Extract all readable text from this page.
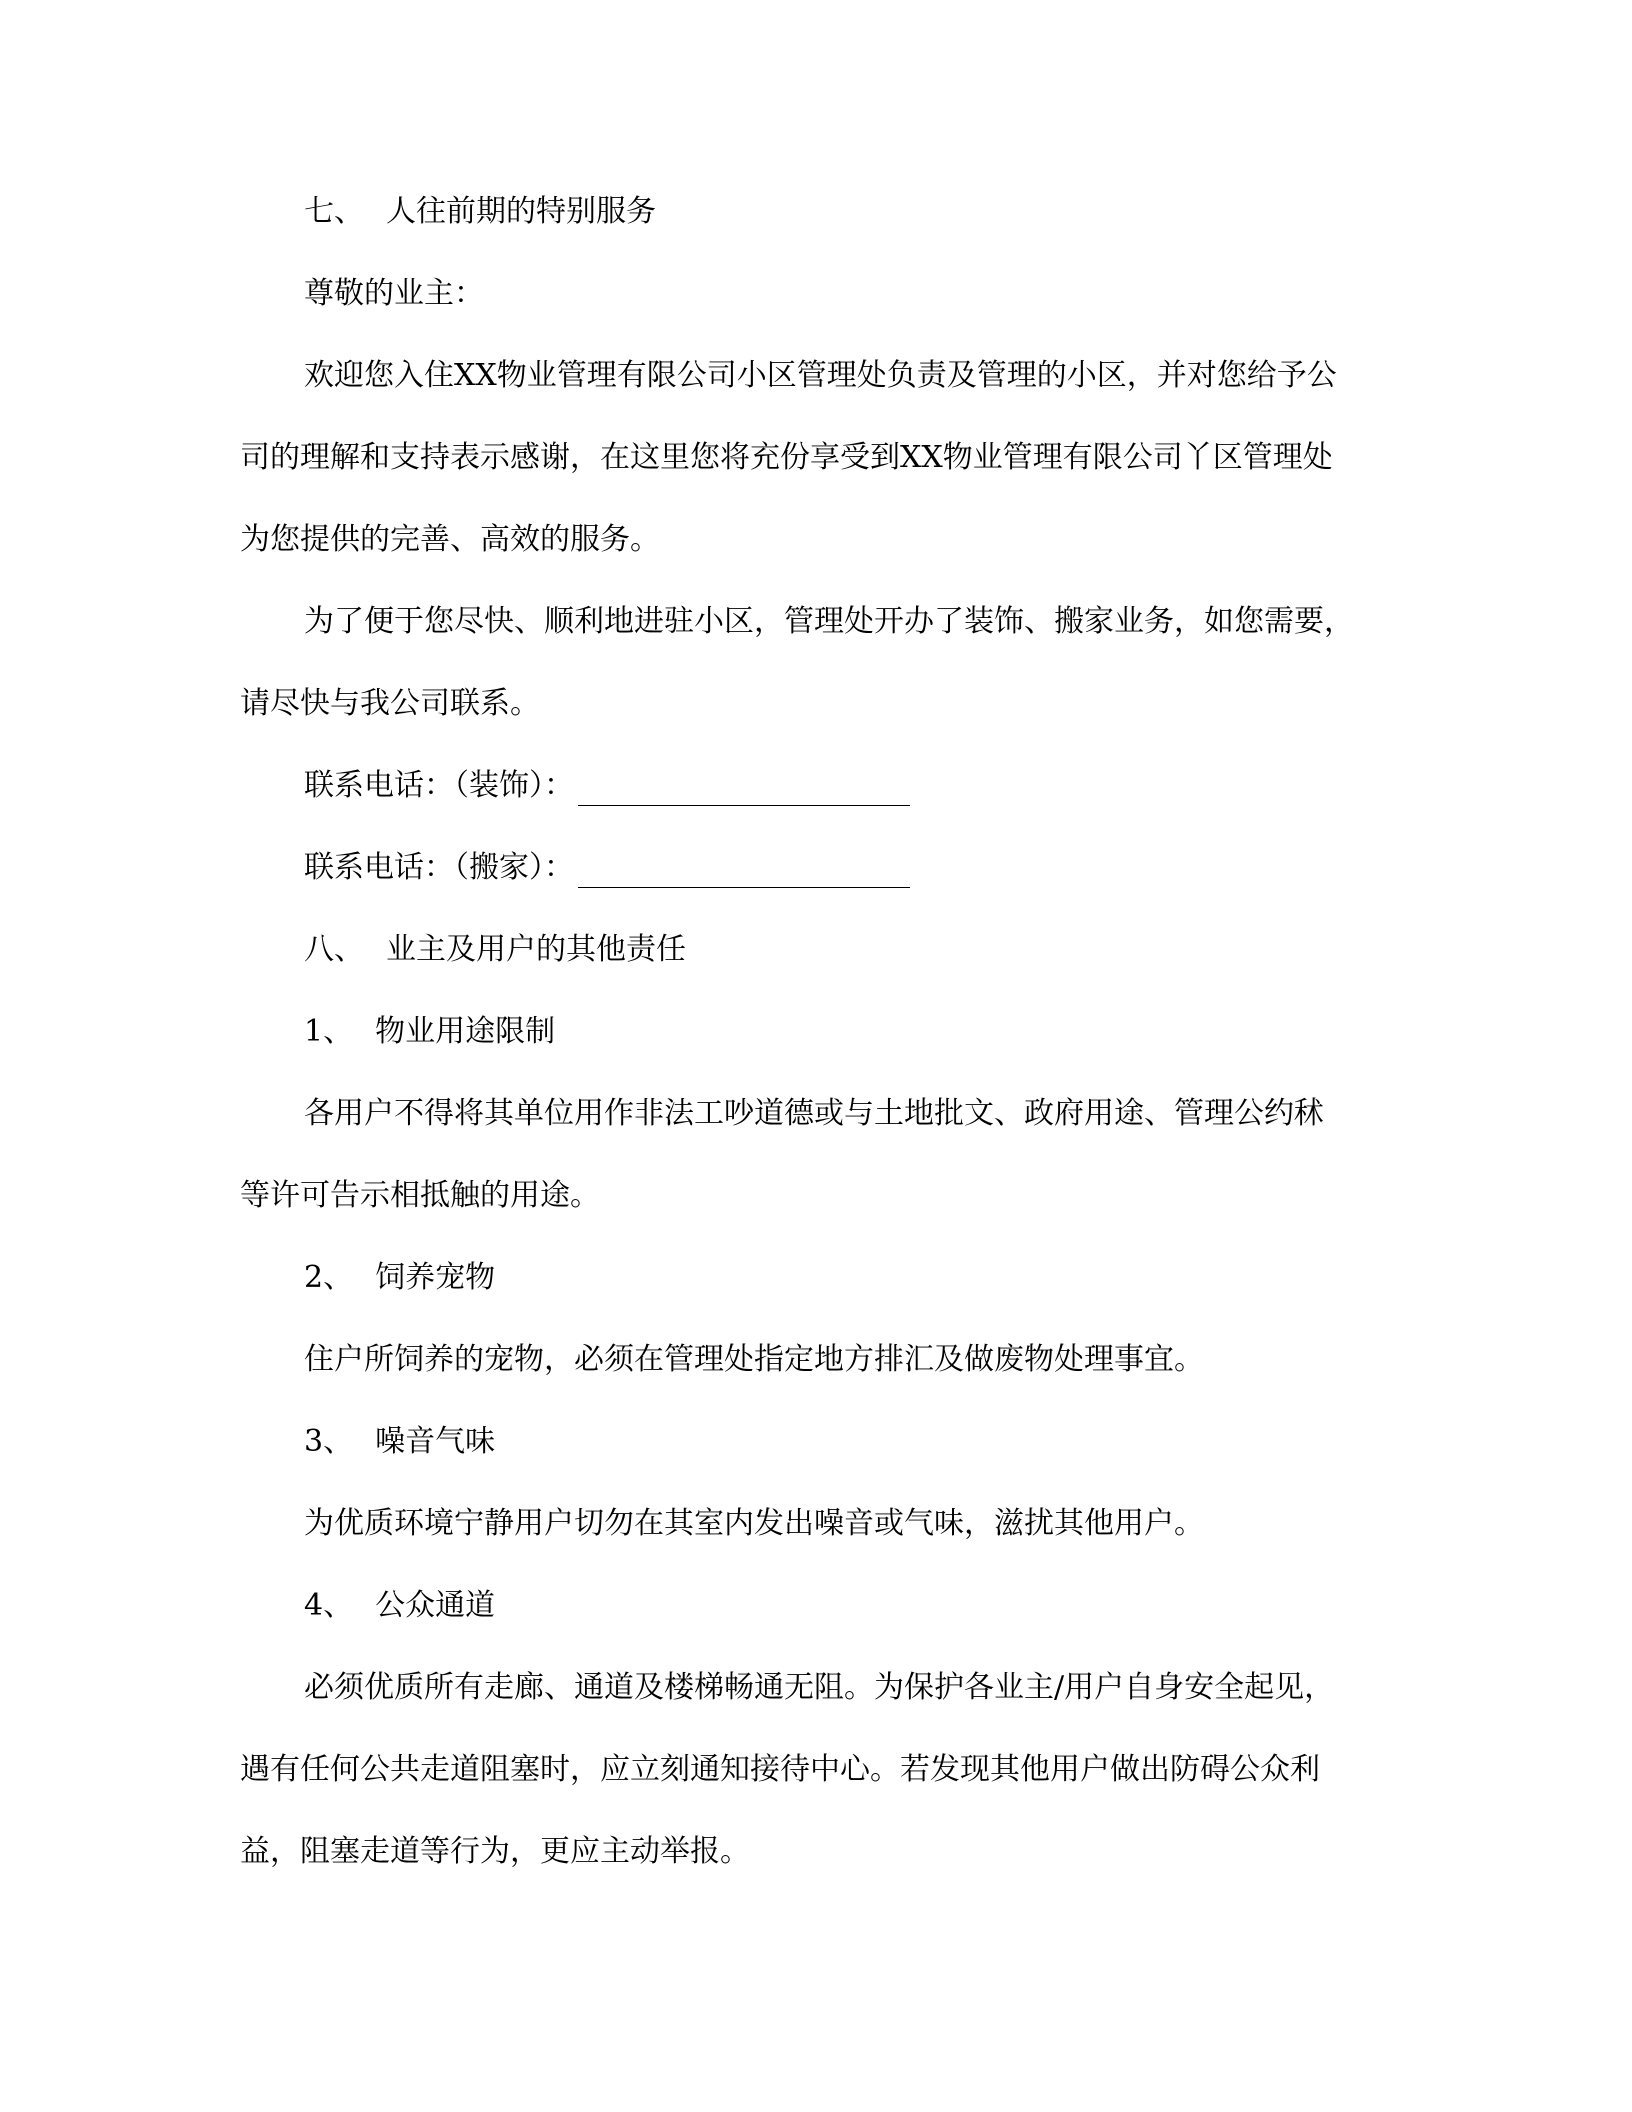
七、 人往前期的特别服务
尊敬的业主：
欢迎您入住XX物业管理有限公司小区管理处负责及管理的小区，并对您给予公
司的理解和支持表示感谢，在这里您将充份享受到XX物业管理有限公司丫区管理处
为您提供的完善、高效的服务。
为了便于您尽快、顺利地进驻小区，管理处开办了装饰、搬家业务，如您需要，
请尽快与我公司联系。
联系电话：（装饰）：
联系电话：（搬家）：
八、 业主及用户的其他责任
1、 物业用途限制
各用户不得将其单位用作非法工吵道德或与土地批文、政府用途、管理公约秫
等许可告示相抵触的用途。
2、 饲养宠物
住户所饲养的宠物，必须在管理处指定地方排汇及做废物处理事宜。
3、 噪音气味
为优质环境宁静用户切勿在其室内发出噪音或气味，滋扰其他用户。
4、 公众通道
必须优质所有走廊、通道及楼梯畅通无阻。为保护各业主/用户自身安全起见，
遇有任何公共走道阻塞时，应立刻通知接待中心。若发现其他用户做出防碍公众利
益，阻塞走道等行为，更应主动举报。
